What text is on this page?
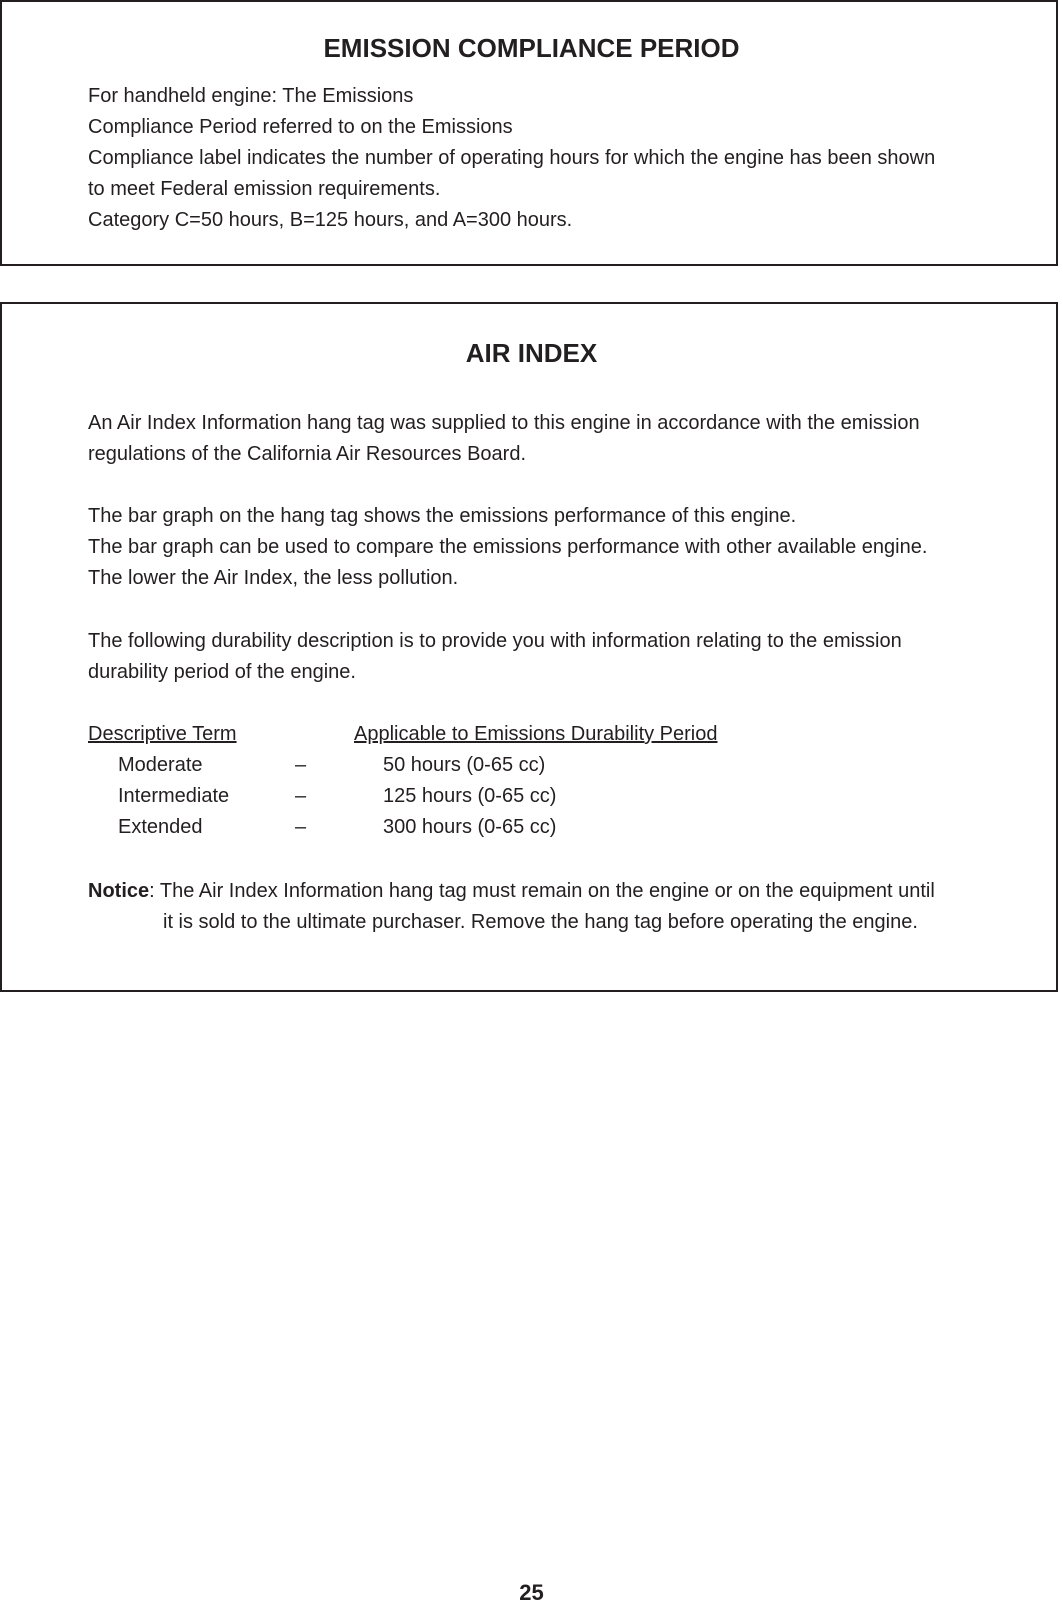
EMISSION COMPLIANCE PERIOD
For handheld engine: The Emissions
Compliance Period referred to on the Emissions
Compliance label indicates the number of operating hours for which the engine has been shown
to meet Federal emission requirements.
Category C=50 hours, B=125 hours, and A=300 hours.
AIR INDEX
An Air Index Information hang tag was supplied to this engine in accordance with the emission
regulations of the California Air Resources Board.
The bar graph on the hang tag shows the emissions performance of this engine.
The bar graph can be used to compare the emissions performance with other available engine.
The lower the Air Index, the less pollution.
The following durability description is to provide you with information relating to the emission
durability period of the engine.
Descriptive Term	Applicable to Emissions Durability Period
Moderate	–	50 hours (0-65 cc)
Intermediate	–	125 hours (0-65 cc)
Extended	–	300 hours (0-65 cc)
Notice: The Air Index Information hang tag must remain on the engine or on the equipment until
it is sold to the ultimate purchaser. Remove the hang tag before operating the engine.
25
